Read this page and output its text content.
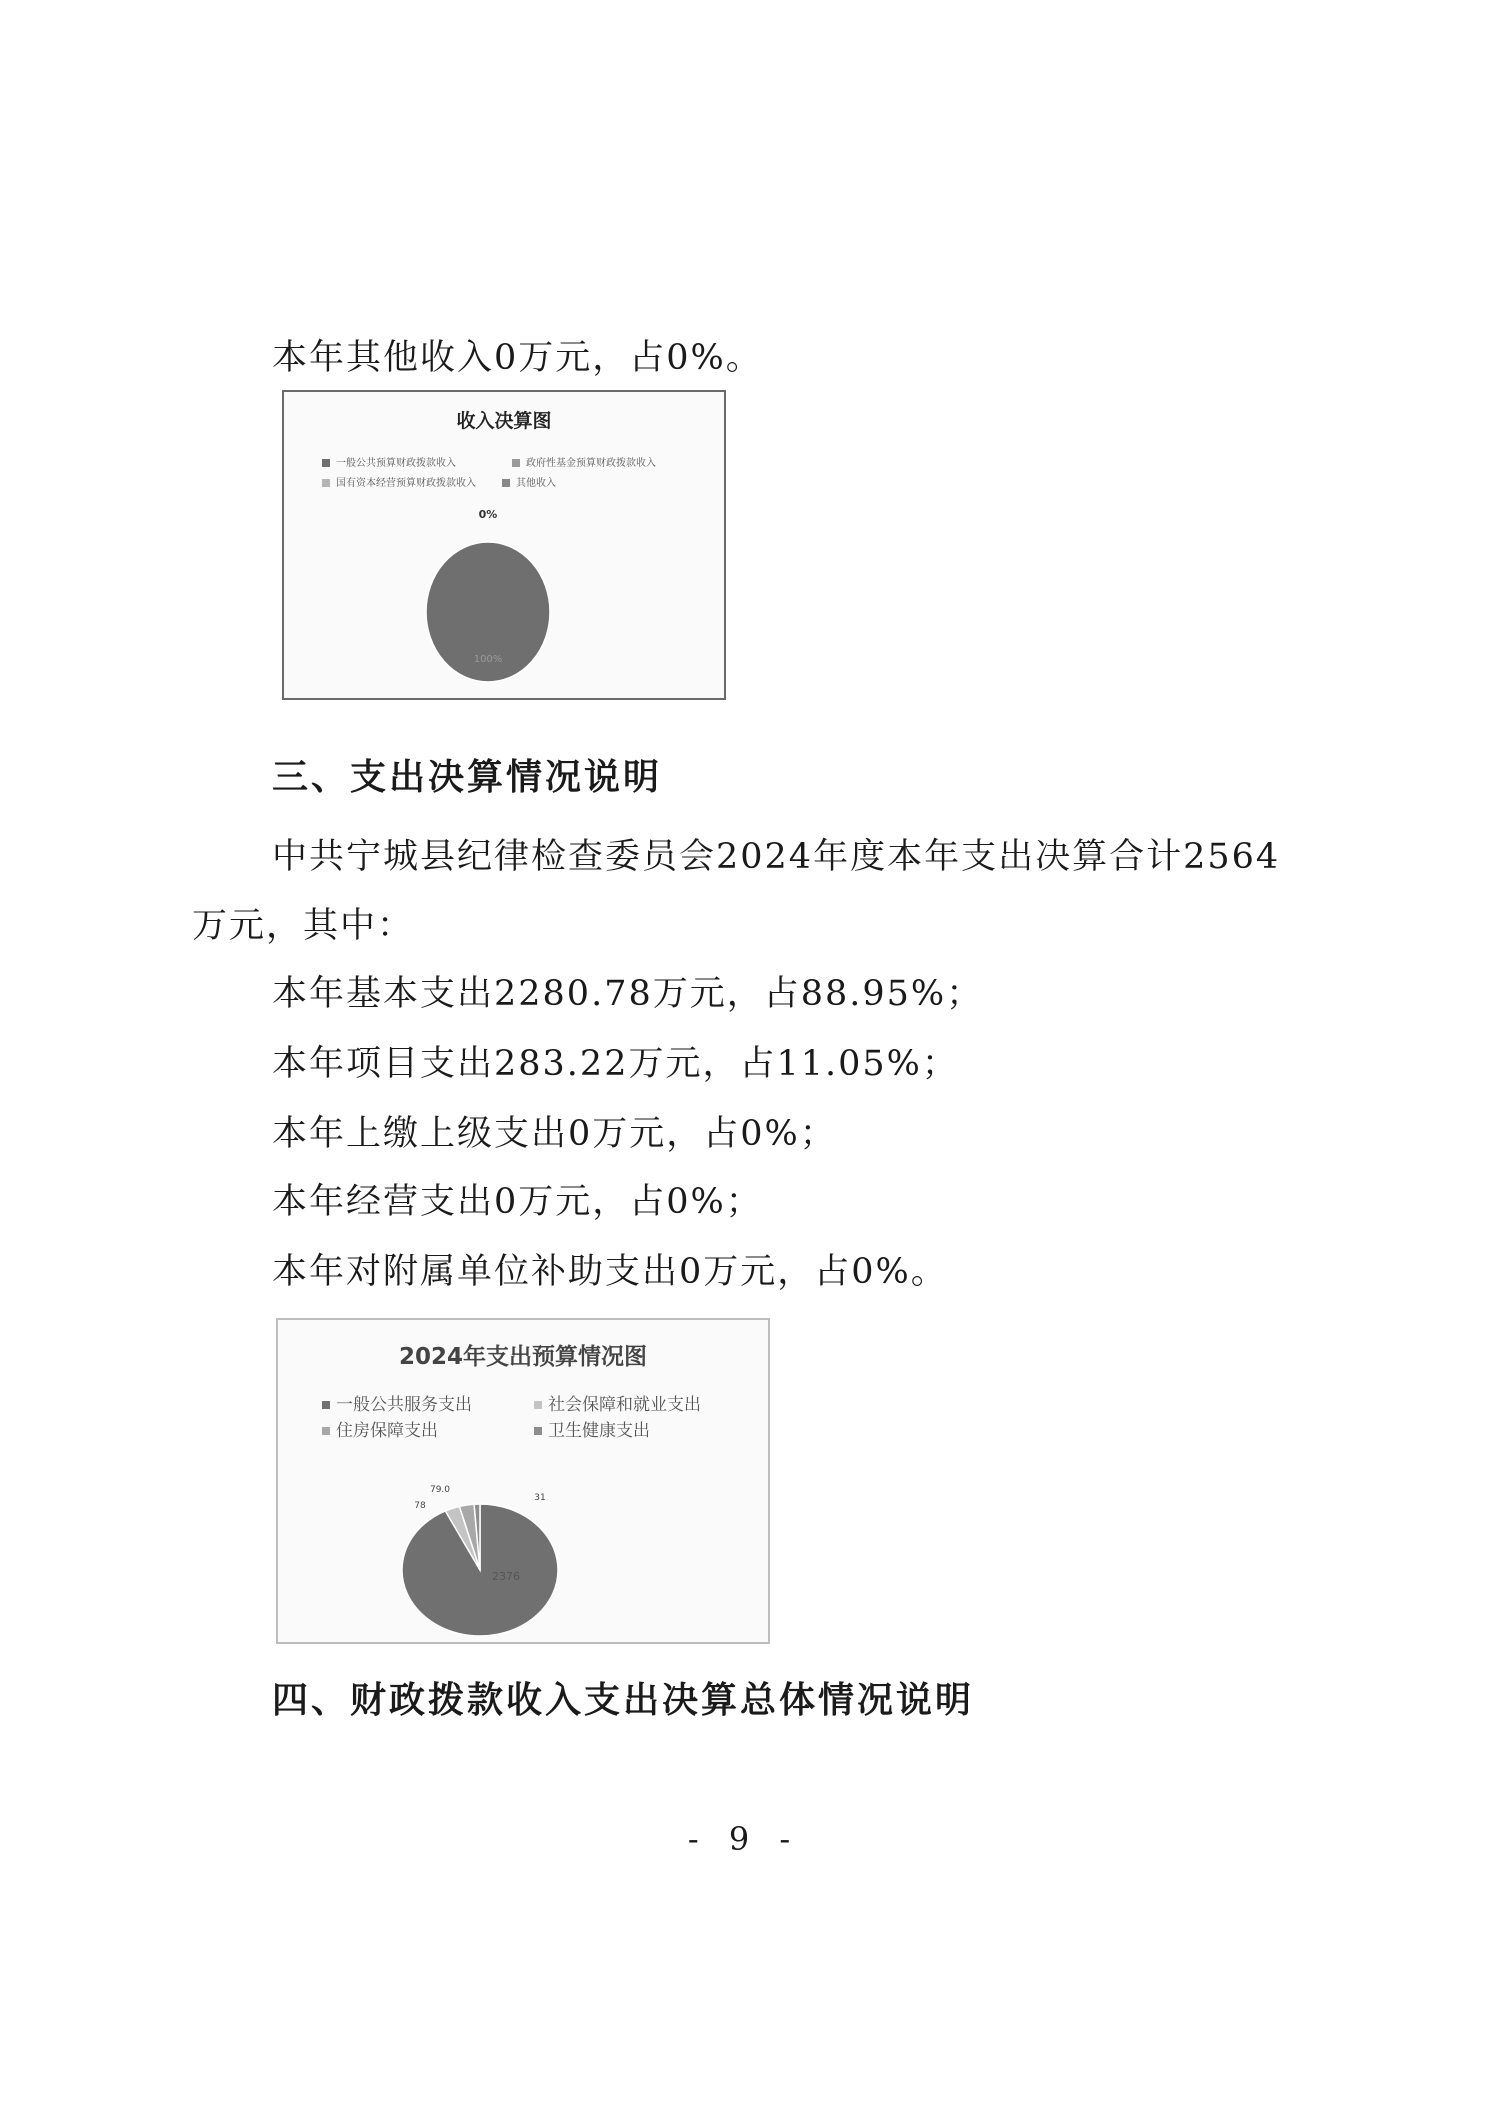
本年其他收入0万元，占0%。
收入决算图
一般公共预算财政拨款收入	政府性基金预算财政拨款收入
国有资本经营预算财政拨款收入	其他收入
100%
0%
三、支出决算情况说明
中共宁城县纪律检查委员会2024年度本年支出决算合计2564
万元，其中：
本年基本支出2280.78万元，占88.95%；
本年项目支出283.22万元，占11.05%；
本年上缴上级支出0万元，占0%；
本年经营支出0万元，占0%；
本年对附属单位补助支出0万元，占0%。
2024年支出预算情况图
一般公共服务支出	社会保障和就业支出
住房保障支出	卫生健康支出
2376
79.0
78
31
四、财政拨款收入支出决算总体情况说明
- 9 -
